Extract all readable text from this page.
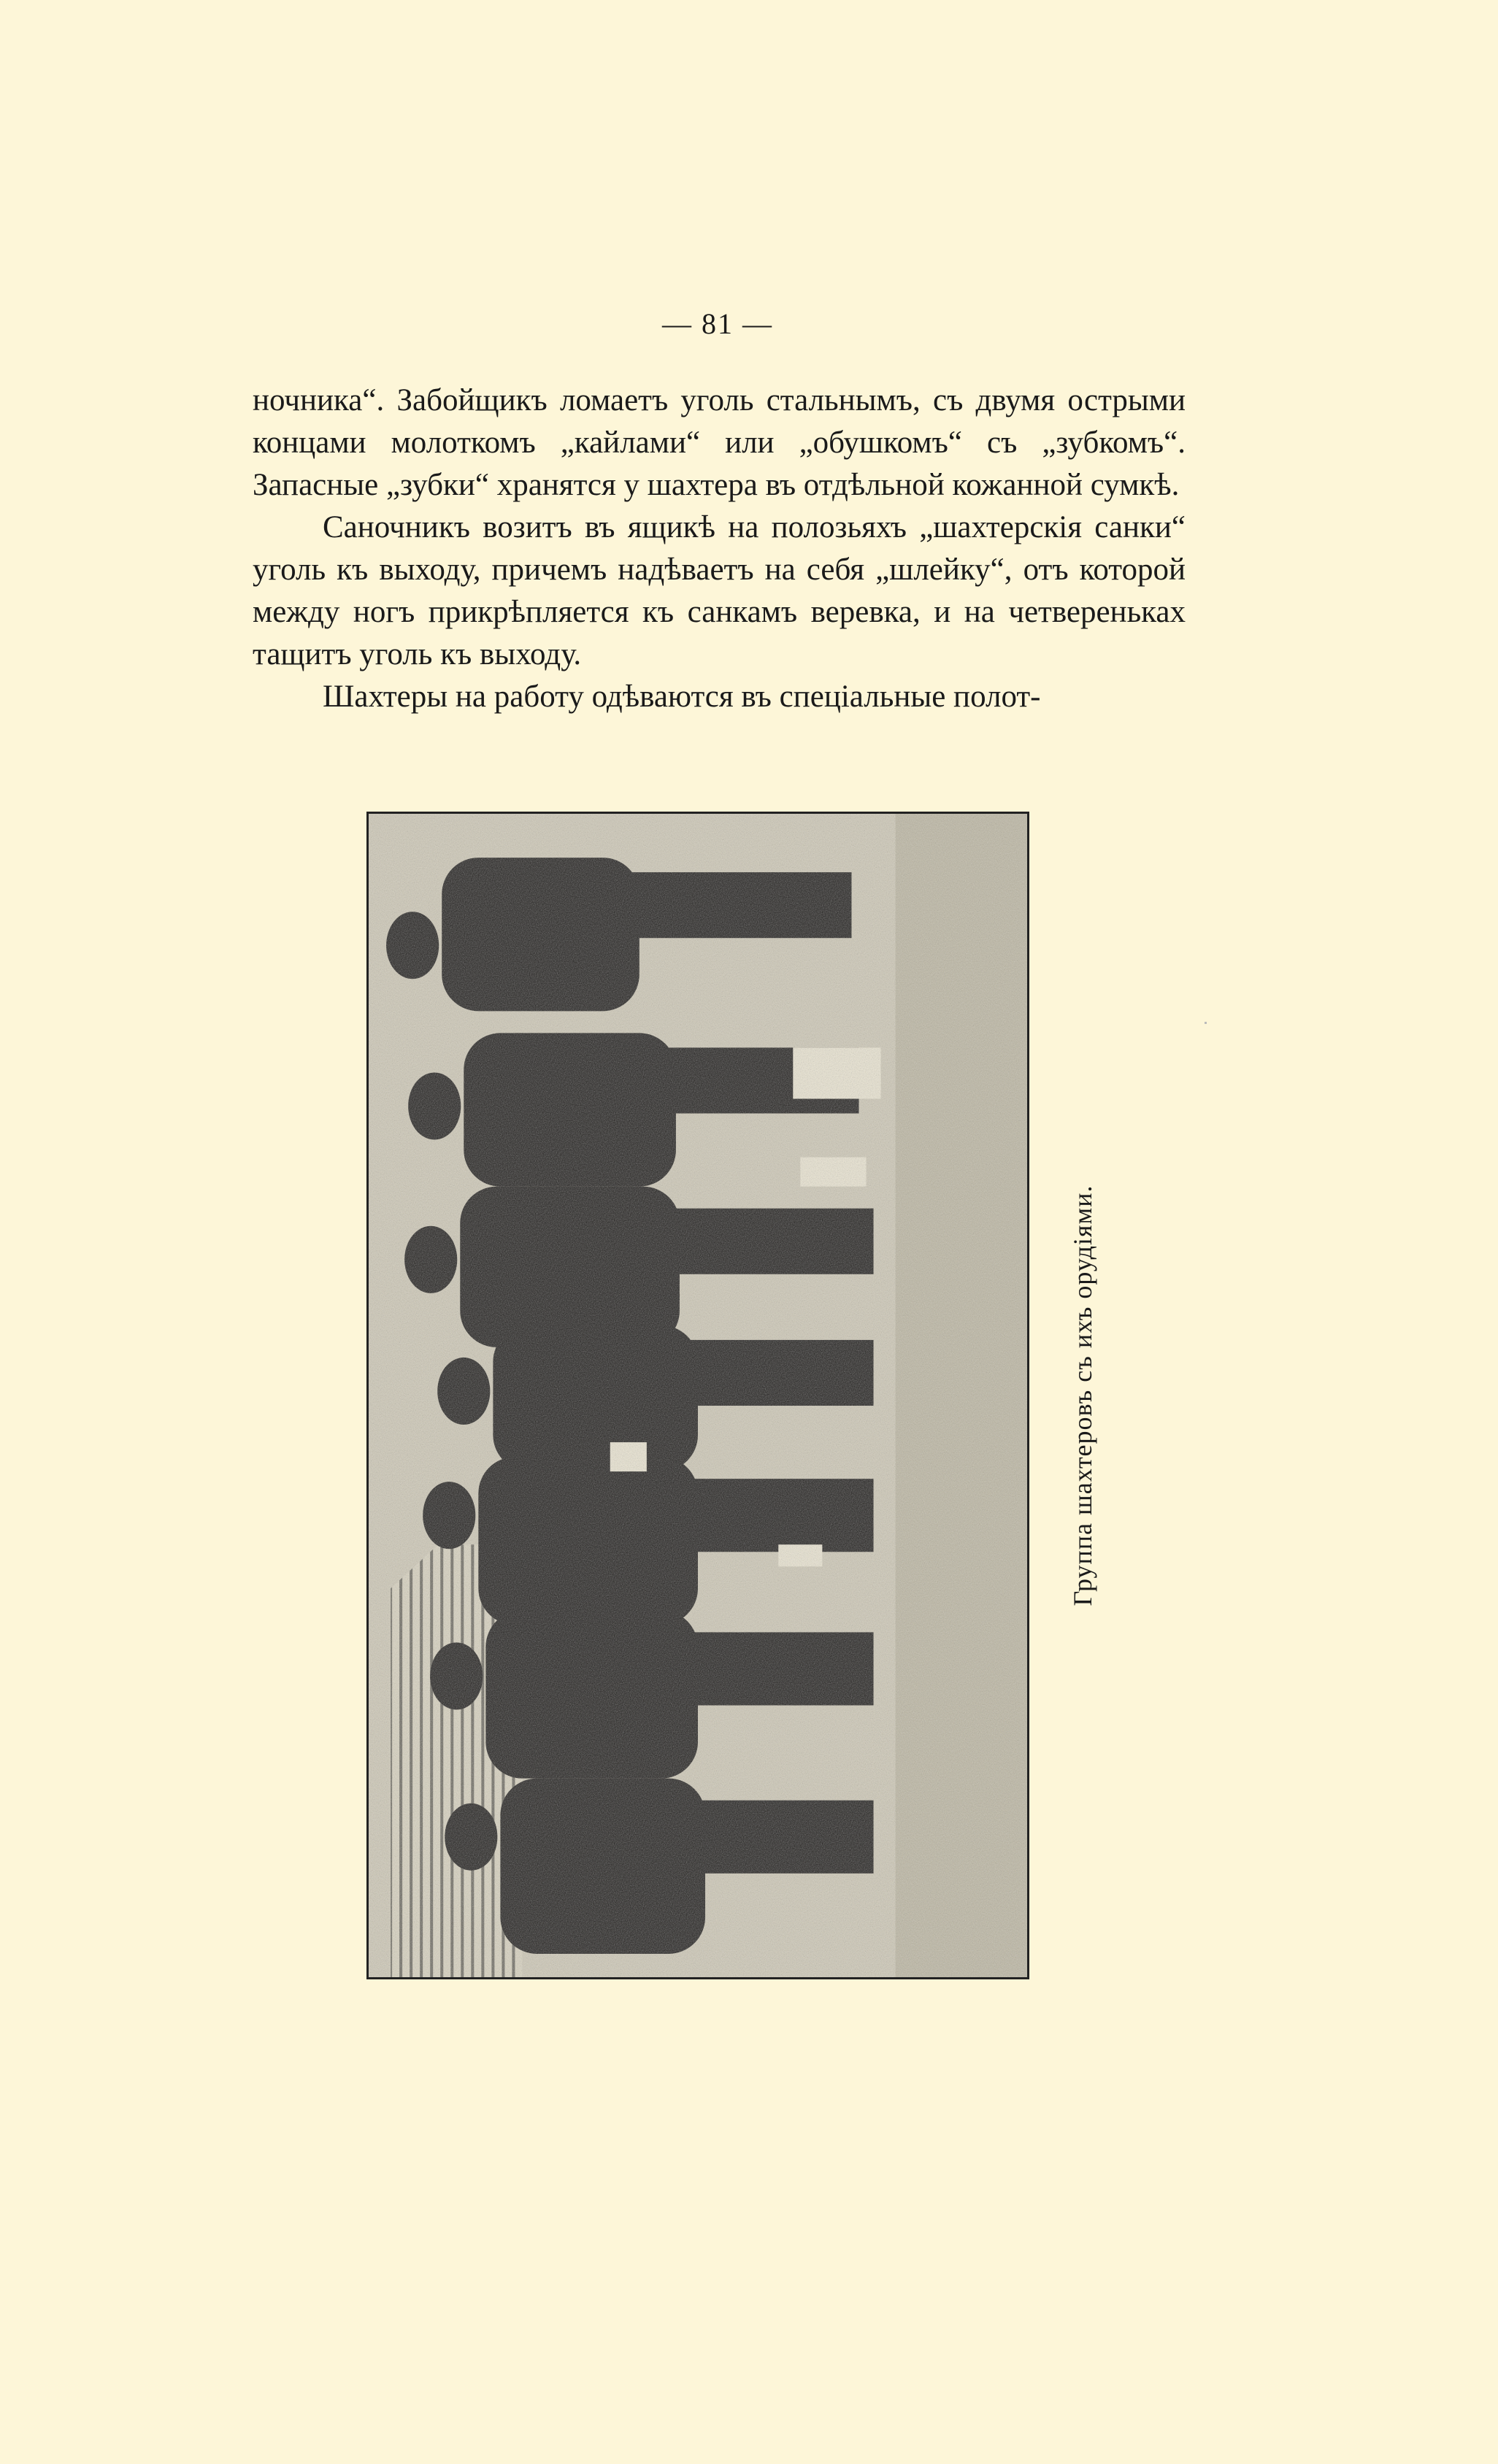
— 81 —

ночника“. Забойщикъ ломаетъ уголь стальнымъ, съ двумя острыми концами молоткомъ „кайлами“ или „обушкомъ“ съ „зубкомъ“. Запасные „зубки“ хранятся у шахтера въ отдѣльной кожанной сумкѣ.

Саночникъ возитъ въ ящикѣ на полозьяхъ „шахтерскія санки“ уголь къ выходу, причемъ надѣваетъ на себя „шлейку“, отъ которой между ногъ прикрѣпляется къ санкамъ веревка, и на четвереньках тащитъ уголь къ выходу.

Шахтеры на работу одѣваются въ спеціальные полот-

Группа шахтеровъ съ ихъ орудіями.
